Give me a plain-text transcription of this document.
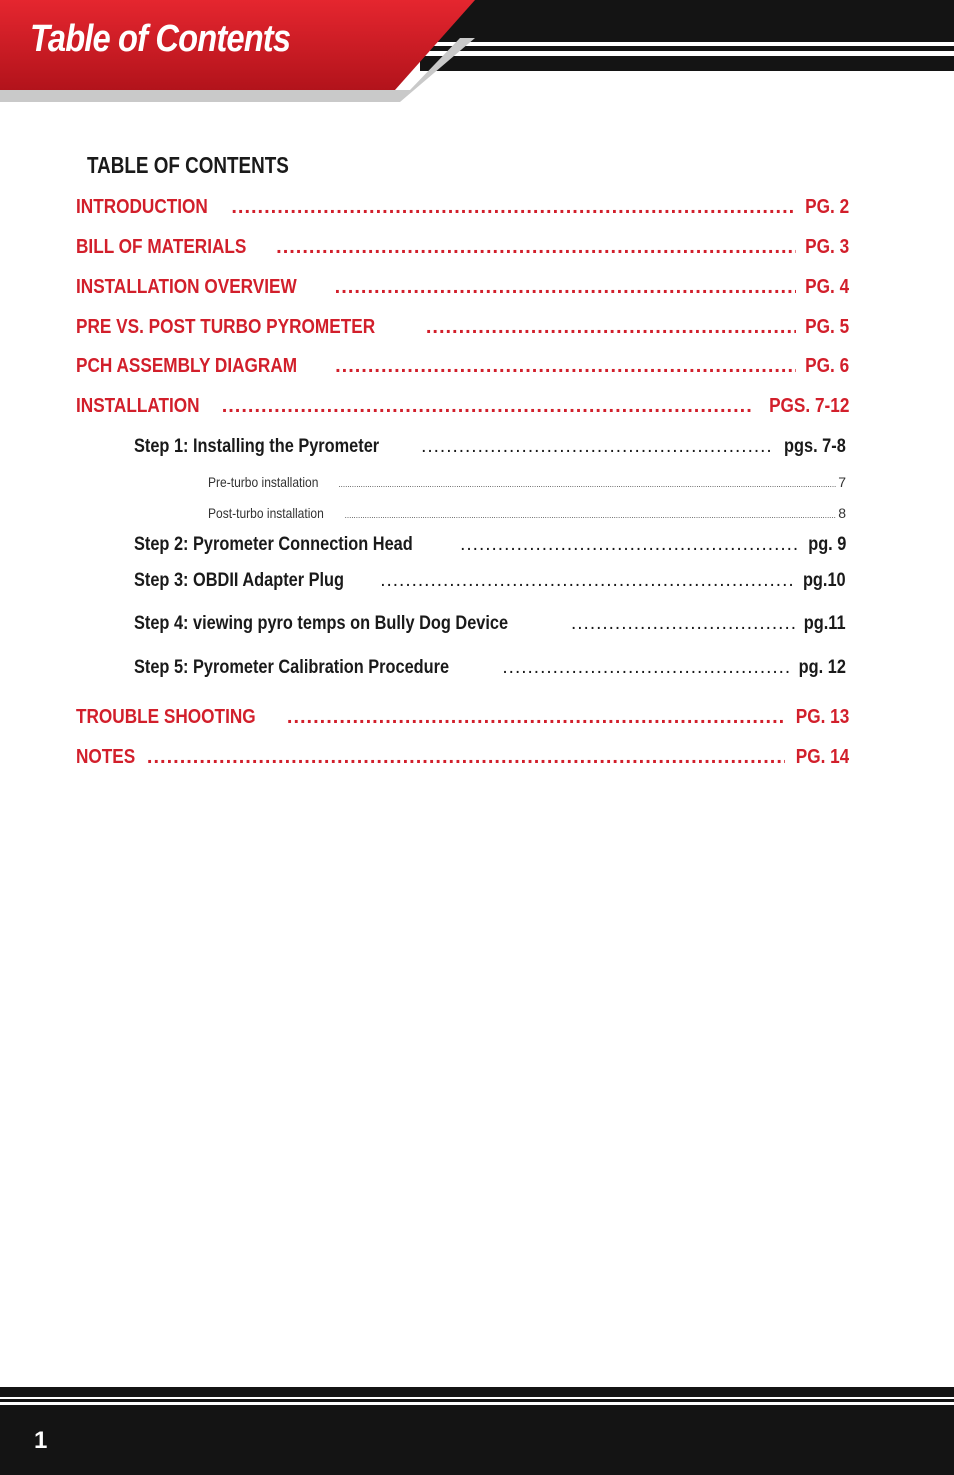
Table of Contents
TABLE OF CONTENTS
INTRODUCTION .....	PG. 2
BILL OF MATERIALS .....	PG. 3
INSTALLATION OVERVIEW .....	PG. 4
PRE VS. POST TURBO PYROMETER .....	PG. 5
PCH ASSEMBLY DIAGRAM .....	PG. 6
INSTALLATION .....	PGS. 7-12
Step 1: Installing the Pyrometer .....	pgs. 7-8
Pre-turbo installation .....	7
Post-turbo installation .....	8
Step 2: Pyrometer Connection Head .....	pg. 9
Step 3: OBDII Adapter Plug .....	pg.10
Step 4: viewing pyro temps on Bully Dog Device .....	pg.11
Step 5: Pyrometer Calibration Procedure .....	pg. 12
TROUBLE SHOOTING .....	PG. 13
NOTES .....	PG. 14
1
